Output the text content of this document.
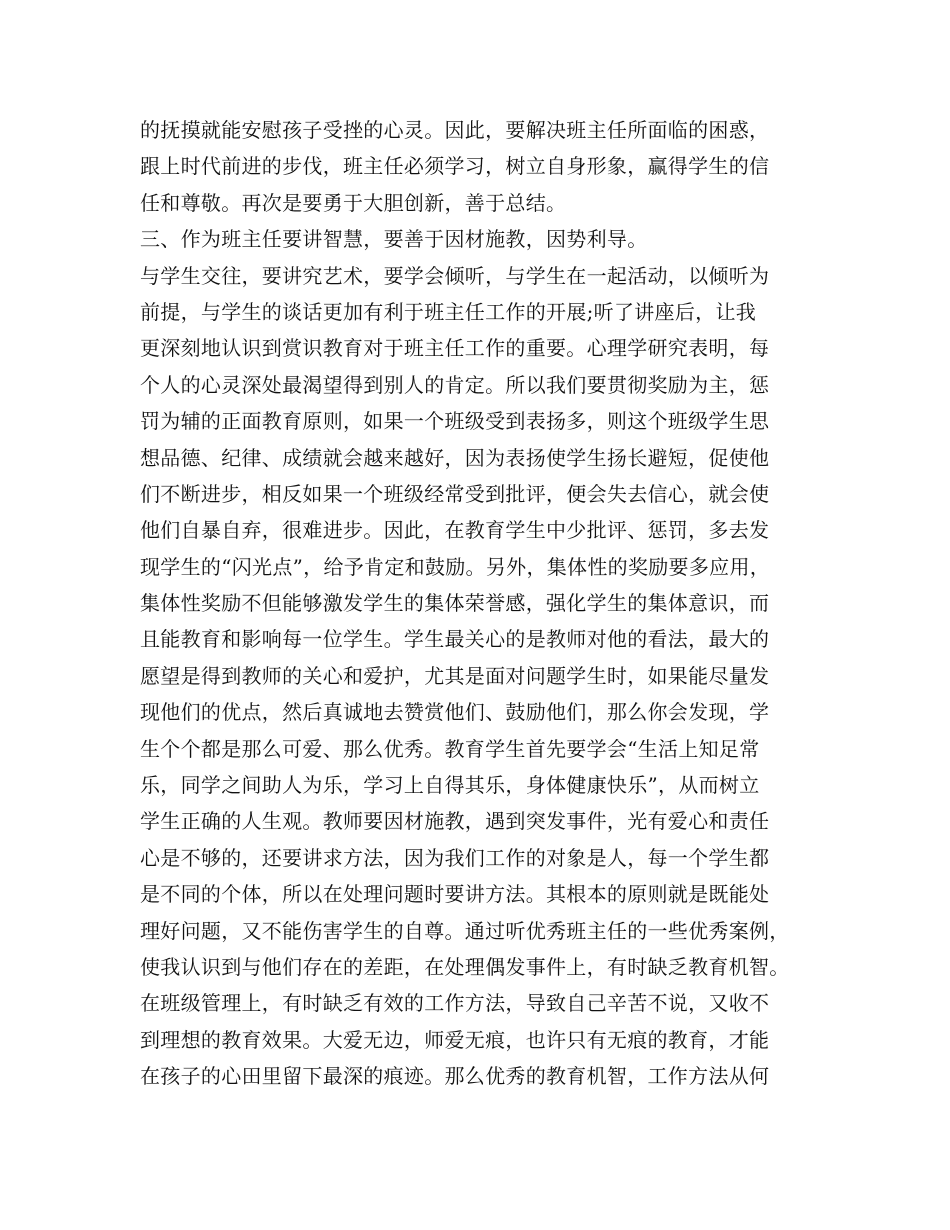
的抚摸就能安慰孩子受挫的心灵。因此，要解决班主任所面临的困惑，
跟上时代前进的步伐，班主任必须学习，树立自身形象，赢得学生的信
任和尊敬。再次是要勇于大胆创新，善于总结。
三、作为班主任要讲智慧，要善于因材施教，因势利导。
与学生交往，要讲究艺术，要学会倾听，与学生在一起活动，以倾听为
前提，与学生的谈话更加有利于班主任工作的开展;听了讲座后，让我
更深刻地认识到赏识教育对于班主任工作的重要。心理学研究表明，每
个人的心灵深处最渴望得到别人的肯定。所以我们要贯彻奖励为主，惩
罚为辅的正面教育原则，如果一个班级受到表扬多，则这个班级学生思
想品德、纪律、成绩就会越来越好，因为表扬使学生扬长避短，促使他
们不断进步，相反如果一个班级经常受到批评，便会失去信心，就会使
他们自暴自弃，很难进步。因此，在教育学生中少批评、惩罚，多去发
现学生的“闪光点”，给予肯定和鼓励。另外，集体性的奖励要多应用，
集体性奖励不但能够激发学生的集体荣誉感，强化学生的集体意识，而
且能教育和影响每一位学生。学生最关心的是教师对他的看法，最大的
愿望是得到教师的关心和爱护，尤其是面对问题学生时，如果能尽量发
现他们的优点，然后真诚地去赞赏他们、鼓励他们，那么你会发现，学
生个个都是那么可爱、那么优秀。教育学生首先要学会“生活上知足常
乐，同学之间助人为乐，学习上自得其乐，身体健康快乐”，从而树立
学生正确的人生观。教师要因材施教，遇到突发事件，光有爱心和责任
心是不够的，还要讲求方法，因为我们工作的对象是人，每一个学生都
是不同的个体，所以在处理问题时要讲方法。其根本的原则就是既能处
理好问题，又不能伤害学生的自尊。通过听优秀班主任的一些优秀案例，
使我认识到与他们存在的差距，在处理偶发事件上，有时缺乏教育机智。
在班级管理上，有时缺乏有效的工作方法，导致自己辛苦不说，又收不
到理想的教育效果。大爱无边，师爱无痕，也许只有无痕的教育，才能
在孩子的心田里留下最深的痕迹。那么优秀的教育机智，工作方法从何
